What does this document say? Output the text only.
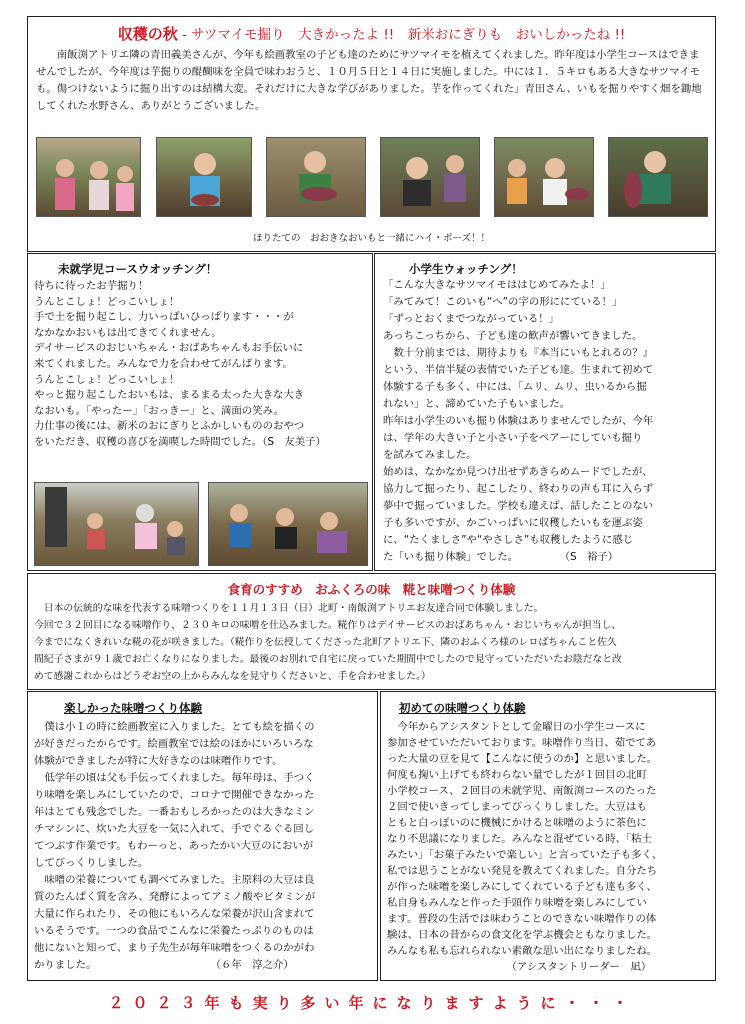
収穫の秋 - サツマイモ掘り　大きかったよ !!　新米おにぎりも　おいしかったね !!

南飯渕アトリエ隣の青田義美さんが、今年も絵画教室の子ども達のためにサツマイモを植えてくれました。昨年度は小学生コースはできませんでしたが、今年度は芋掘りの醍醐味を全員で味わおうと、１０月５日と１４日に実施しました。中には１．５キロもある大きなサツマイモも。傷つけないように掘り出すのは結構大変。それだけに大きな学びがありました。芋を作ってくれた」青田さん、いもを掘りやすく畑を鋤地してくれた水野さん、ありがとうございました。

ほりたての　おおきなおいもと一緒にハイ・ポーズ！！
未就学児コースウオッチング！

待ちに待ったお芋掘り！

うんとこしょ！どっこいしょ！

手で土を掘り起こし、力いっぱいひっぱります・・・が

なかなかおいもは出てきてくれません。

デイサービスのおじいちゃん・おばあちゃんもお手伝いに

来てくれました。みんなで力を合わせてがんばります。

うんとこしょ！どっこいしょ！

やっと掘り起こしたおいもは、まるまる太った大きな大き

なおいも。「やったー」「おっきー」と、満面の笑み。

力仕事の後には、新米のおにぎりとふかしいもののおやつ

をいただき、収穫の喜びを満喫した時間でした。（S　友美子）

小学生ウォッチング！

「こんな大きなサツマイモははじめてみたよ！」

「みてみて！このいも“へ”の字の形ににている！」

「ずっとおくまでつながっている！」

あっちこっちから、子ども達の歓声が響いてきました。

　数十分前までは、期待よりも『本当にいもとれるの？』

という、半信半疑の表情でいた子ども達。生まれて初めて

体験する子も多く、中には、「ムリ、ムリ、虫いるから掘

れない」と、諦めていた子もいました。

昨年は小学生のいも掘り体験はありませんでしたが、今年

は、学年の大きい子と小さい子をペアーにしていも掘り

を試みてみました。

始めは、なかなか見つけ出せずあきらめムードでしたが、

協力して掘ったり、起こしたり、終わりの声も耳に入らず

夢中で掘っていました。学校も違えば、話したことのない

子も多いですが、かごいっぱいに収穫したいもを運ぶ姿

に、“たくましさ”や“やさしさ”も収穫したように感じ

た「いも掘り体験」でした。　　　　　（S　裕子）

食育のすすめ　おふくろの味　糀と味噌つくり体験

　日本の伝統的な味を代表する味噌つくりを１１月１３日（日）北町・南飯渕アトリエお友達合同で体験しました。

今回で３２回目になる味噌作り、２３０キロの味噌を仕込みました。糀作りはデイサービスのおばあちゃん・おじいちゃんが担当し、

今までになくきれいな糀の花が咲きました。（糀作りを伝授してくださった北町アトリエ下、隣のおふくろ様のレロばちゃんこと佐久

間紀子さまが９１歳でお亡くなりになりました。最後のお別れで自宅に戻っていた期間中でしたので見守っていただいたお陰だなと改

めて感謝これからはどうぞお空の上からみんなを見守りくださいと、手を合わせました。）

楽しかった味噌つくり体験

　僕は小１の時に絵画教室に入りました。とても絵を描くの

が好きだったからです。絵画教室では絵のほかにいろいろな

体験ができましたが特に大好きなのは味噌作りです。

　低学年の頃は父も手伝ってくれました。毎年母は、手つく

り味噌を楽しみにしていたので、コロナで開催できなかった

年はとても残念でした。一番おもしろかったのは大きなミン

チマシンに、炊いた大豆を一気に入れて、手でぐるぐる回し

てつぶす作業です。もわーっと、あったかい大豆のにおいが

してびっくりしました。

　味噌の栄養についても調べてみました。主原料の大豆は良

質のたんぱく質を含み、発酵によってアミノ酸やビタミンが

大量に作られたり、その他にもいろんな栄養が沢山含まれて

いるそうです。一つの食品でこんなに栄養たっぷりのものは

他にないと知って、まり子先生が毎年味噌をつくるのかがわ

かりました。　　　　　　　　　　　　（６年　淳之介）

初めての味噌つくり体験

　今年からアシスタントとして金曜日の小学生コースに

参加させていただいております。味噌作り当日、茹でてあ

った大量の豆を見て【こんなに使うのか】と思いました。

何度も掬い上げても終わらない量でしたが１回目の北町

小学校コース、２回目の未就学児、南飯渕コースのたった

２回で使いきってしまってびっくりしました。大豆はも

ともと白っぽいのに機械にかけると味噌のように茶色に

なり不思議になりました。みんなと混ぜている時、「粘土

みたい」「お菓子みたいで楽しい」と言っていた子も多く、

私では思うことがない発見を教えてくれました。自分たち

が作った味噌を楽しみにしてくれている子ども達も多く、

私自身もみんなと作った手頭作り味噌を楽しみにしてい

ます。普段の生活では味わうことのできない味噌作りの体

験は、日本の昔からの食文化を学ぶ機会ともなりました。

みんなも私も忘れられない素敵な思い出になりましたね。

　　　　　　　　　　　　（アシスタントリーダー　凪）

２０２３年も実り多い年になりますように・・・
